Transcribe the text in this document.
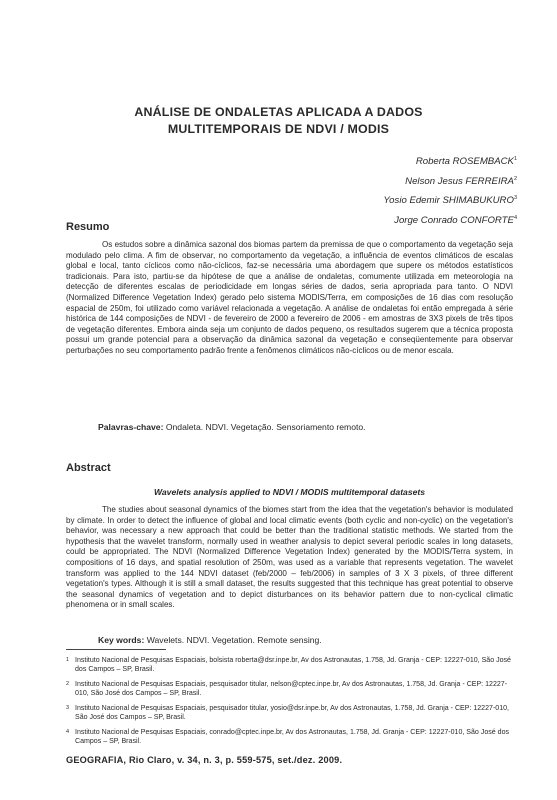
ANÁLISE DE ONDALETAS APLICADA A DADOS
MULTITEMPORAIS DE NDVI / MODIS
Roberta ROSEMBACK$^1$
Nelson Jesus FERREIRA$^2$
Yosio Edemir SHIMABUKURO$^3$
Jorge Conrado CONFORTE$^4$
Resumo
Os estudos sobre a dinâmica sazonal dos biomas partem da premissa de que o comportamento da vegetação seja modulado pelo clima. A fim de observar, no comportamento da vegetação, a influência de eventos climáticos de escalas global e local, tanto cíclicos como não-cíclicos, faz-se necessária uma abordagem que supere os métodos estatísticos tradicionais. Para isto, partiu-se da hipótese de que a análise de ondaletas, comumente utilizada em meteorologia na detecção de diferentes escalas de periodicidade em longas séries de dados, seria apropriada para tanto. O NDVI (Normalized Difference Vegetation Index) gerado pelo sistema MODIS/Terra, em composições de 16 dias com resolução espacial de 250m, foi utilizado como variável relacionada a vegetação. A análise de ondaletas foi então empregada à série histórica de 144 composições de NDVI - de fevereiro de 2000 a fevereiro de 2006 - em amostras de 3X3 pixels de três tipos de vegetação diferentes. Embora ainda seja um conjunto de dados pequeno, os resultados sugerem que a técnica proposta possui um grande potencial para a observação da dinâmica sazonal da vegetação e conseqüentemente para observar perturbações no seu comportamento padrão frente a fenômenos climáticos não-cíclicos ou de menor escala.
Palavras-chave: Ondaleta. NDVI. Vegetação. Sensoriamento remoto.
Abstract
Wavelets analysis applied to NDVI / MODIS multitemporal datasets
The studies about seasonal dynamics of the biomes start from the idea that the vegetation's behavior is modulated by climate. In order to detect the influence of global and local climatic events (both cyclic and non-cyclic) on the vegetation's behavior, was necessary a new approach that could be better than the traditional statistic methods. We started from the hypothesis that the wavelet transform, normally used in weather analysis to depict several periodic scales in long datasets, could be appropriated. The NDVI (Normalized Difference Vegetation Index) generated by the MODIS/Terra system, in compositions of 16 days, and spatial resolution of 250m, was used as a variable that represents vegetation. The wavelet transform was applied to the 144 NDVI dataset (feb/2000 – feb/2006) in samples of 3 X 3 pixels, of three different vegetation's types. Although it is still a small dataset, the results suggested that this technique has great potential to observe the seasonal dynamics of vegetation and to depict disturbances on its behavior pattern due to non-cyclical climatic phenomena or in small scales.
Key words: Wavelets. NDVI. Vegetation. Remote sensing.
1 Instituto Nacional de Pesquisas Espaciais, bolsista roberta@dsr.inpe.br, Av dos Astronautas, 1.758, Jd. Granja - CEP: 12227-010, São José dos Campos – SP, Brasil.
2 Instituto Nacional de Pesquisas Espaciais, pesquisador titular, nelson@cptec.inpe.br, Av dos Astronautas, 1.758, Jd. Granja - CEP: 12227-010, São José dos Campos – SP, Brasil.
3 Instituto Nacional de Pesquisas Espaciais, pesquisador titular, yosio@dsr.inpe.br, Av dos Astronautas, 1.758, Jd. Granja - CEP: 12227-010, São José dos Campos – SP, Brasil.
4 Instituto Nacional de Pesquisas Espaciais, conrado@cptec.inpe.br, Av dos Astronautas, 1.758, Jd. Granja - CEP: 12227-010, São José dos Campos – SP, Brasil.
GEOGRAFIA, Rio Claro, v. 34, n. 3, p. 559-575, set./dez. 2009.
